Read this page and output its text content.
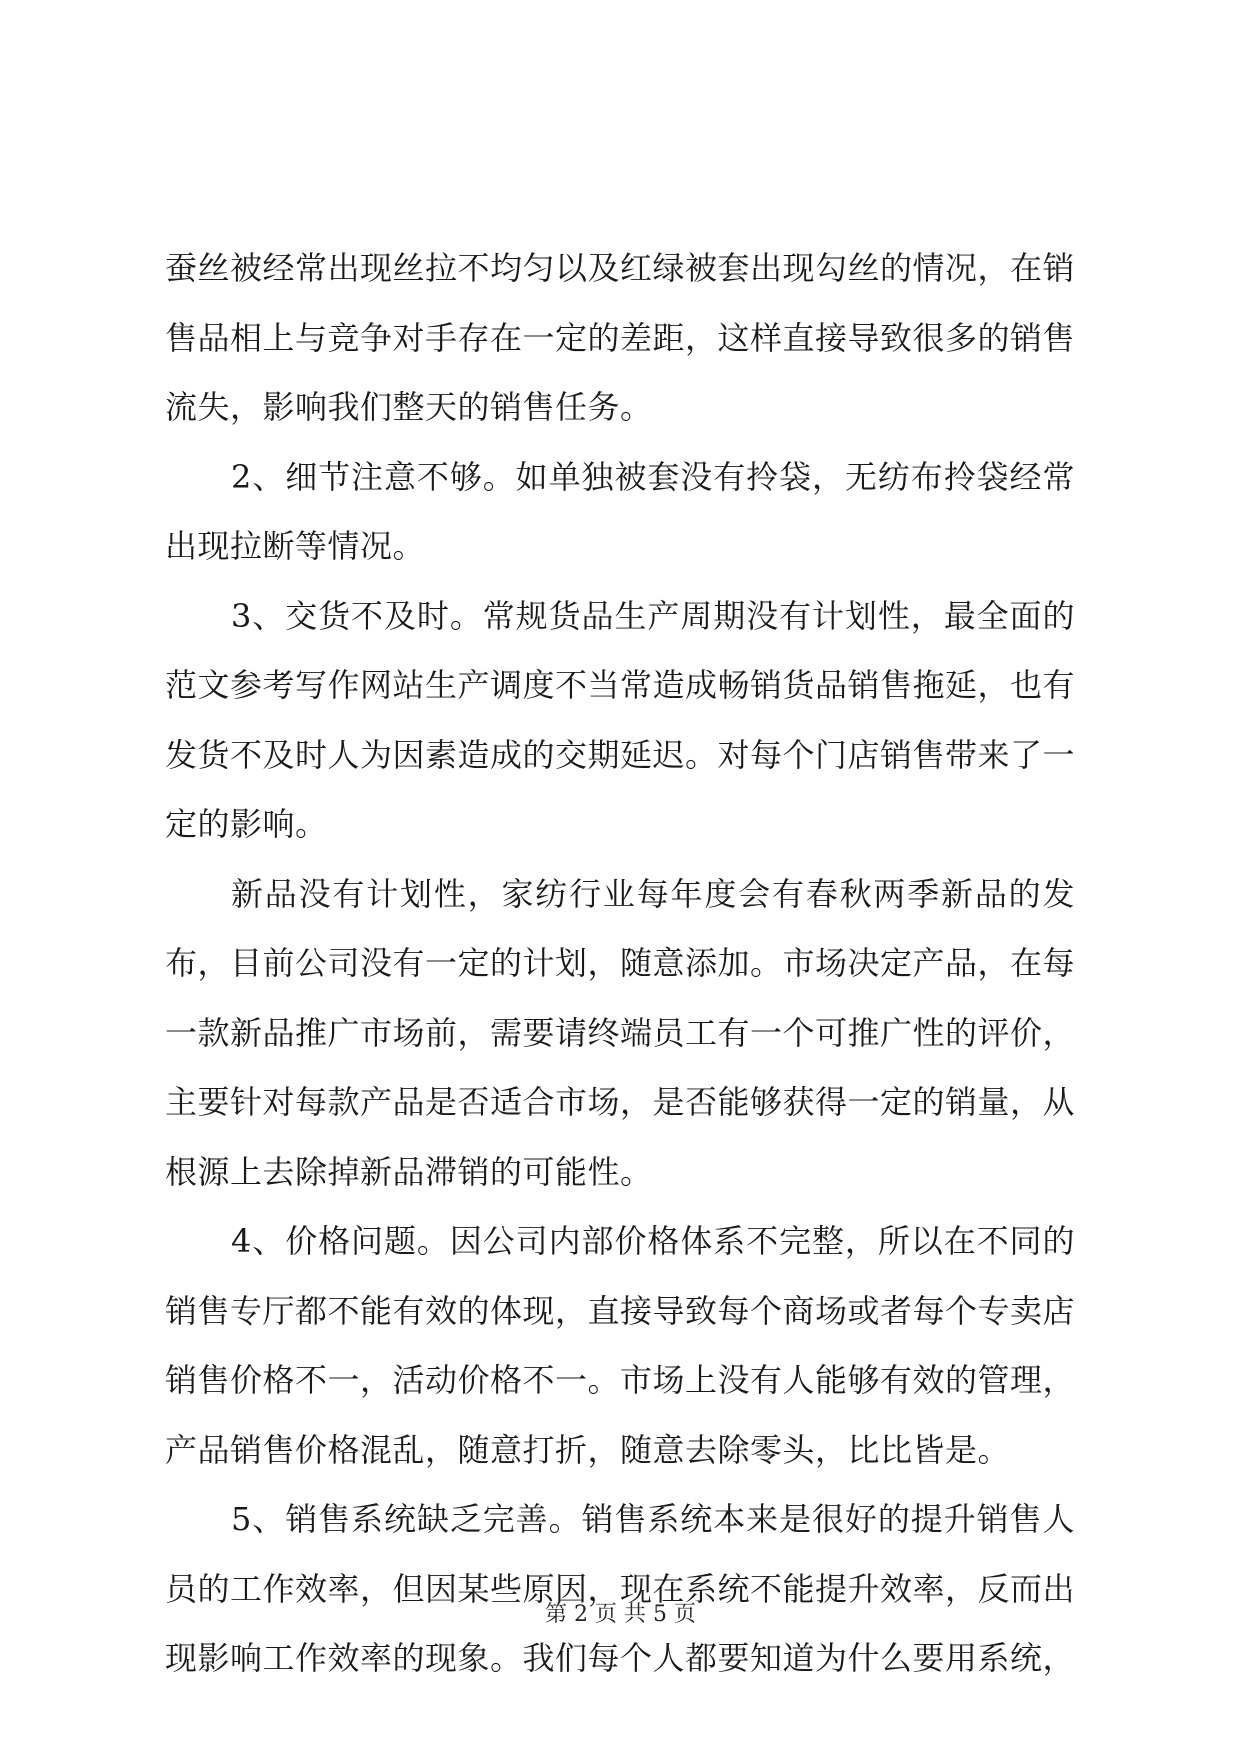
蚕丝被经常出现丝拉不均匀以及红绿被套出现勾丝的情况，在销售品相上与竞争对手存在一定的差距，这样直接导致很多的销售流失，影响我们整天的销售任务。

2、细节注意不够。如单独被套没有拎袋，无纺布拎袋经常出现拉断等情况。

3、交货不及时。常规货品生产周期没有计划性，最全面的范文参考写作网站生产调度不当常造成畅销货品销售拖延，也有发货不及时人为因素造成的交期延迟。对每个门店销售带来了一定的影响。

新品没有计划性，家纺行业每年度会有春秋两季新品的发布，目前公司没有一定的计划，随意添加。市场决定产品，在每一款新品推广市场前，需要请终端员工有一个可推广性的评价，主要针对每款产品是否适合市场，是否能够获得一定的销量，从根源上去除掉新品滞销的可能性。

4、价格问题。因公司内部价格体系不完整，所以在不同的销售专厅都不能有效的体现，直接导致每个商场或者每个专卖店销售价格不一，活动价格不一。市场上没有人能够有效的管理，产品销售价格混乱，随意打折，随意去除零头，比比皆是。

5、销售系统缺乏完善。销售系统本来是很好的提升销售人员的工作效率，但因某些原因，现在系统不能提升效率，反而出现影响工作效率的现象。我们每个人都要知道为什么要用系统，

第 2 页 共 5 页
